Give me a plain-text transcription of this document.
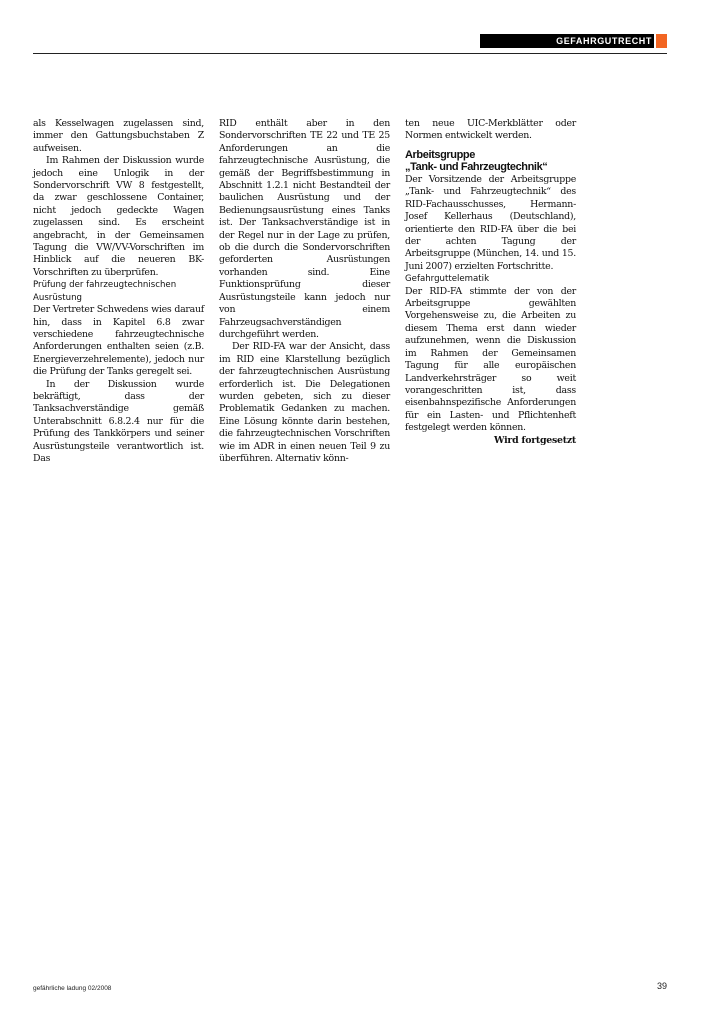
GEFAHRGUTRECHT

als Kesselwagen zugelassen sind, immer den Gattungsbuchstaben Z aufweisen.

Im Rahmen der Diskussion wurde jedoch eine Unlogik in der Sondervorschrift VW 8 festgestellt, da zwar geschlossene Container, nicht jedoch gedeckte Wagen zugelassen sind. Es erscheint angebracht, in der Gemeinsamen Tagung die VW/VV-Vorschriften im Hinblick auf die neueren BK-Vorschriften zu überprüfen.

Prüfung der fahrzeugtechnischen Ausrüstung

Der Vertreter Schwedens wies darauf hin, dass in Kapitel 6.8 zwar verschiedene fahrzeugtechnische Anforderungen enthalten seien (z.B. Energieverzehrelemente), jedoch nur die Prüfung der Tanks geregelt sei.

In der Diskussion wurde bekräftigt, dass der Tanksachverständige gemäß Unterabschnitt 6.8.2.4 nur für die Prüfung des Tankkörpers und seiner Ausrüstungsteile verantwortlich ist. Das

RID enthält aber in den Sondervorschriften TE 22 und TE 25 Anforderungen an die fahrzeugtechnische Ausrüstung, die gemäß der Begriffsbestimmung in Abschnitt 1.2.1 nicht Bestandteil der baulichen Ausrüstung und der Bedienungsausrüstung eines Tanks ist. Der Tanksachverständige ist in der Regel nur in der Lage zu prüfen, ob die durch die Sondervorschriften geforderten Ausrüstungen vorhanden sind. Eine Funktionsprüfung dieser Ausrüstungsteile kann jedoch nur von einem Fahrzeugsachverständigen durchgeführt werden.

Der RID-FA war der Ansicht, dass im RID eine Klarstellung bezüglich der fahrzeugtechnischen Ausrüstung erforderlich ist. Die Delegationen wurden gebeten, sich zu dieser Problematik Gedanken zu machen. Eine Lösung könnte darin bestehen, die fahrzeugtechnischen Vorschriften wie im ADR in einen neuen Teil 9 zu überführen. Alternativ könn-

ten neue UIC-Merkblätter oder Normen entwickelt werden.

Arbeitsgruppe
„Tank- und Fahrzeugtechnik“

Der Vorsitzende der Arbeitsgruppe „Tank- und Fahrzeugtechnik“ des RID-Fachausschusses, Hermann-Josef Kellerhaus (Deutschland), orientierte den RID-FA über die bei der achten Tagung der Arbeitsgruppe (München, 14. und 15. Juni 2007) erzielten Fortschritte.

Gefahrguttelematik

Der RID-FA stimmte der von der Arbeitsgruppe gewählten Vorgehensweise zu, die Arbeiten zu diesem Thema erst dann wieder aufzunehmen, wenn die Diskussion im Rahmen der Gemeinsamen Tagung für alle europäischen Landverkehrsträger so weit vorangeschritten ist, dass eisenbahnspezifische Anforderungen für ein Lasten- und Pflichtenheft festgelegt werden können.

Wird fortgesetzt

gefährliche ladung 02/2008	39
